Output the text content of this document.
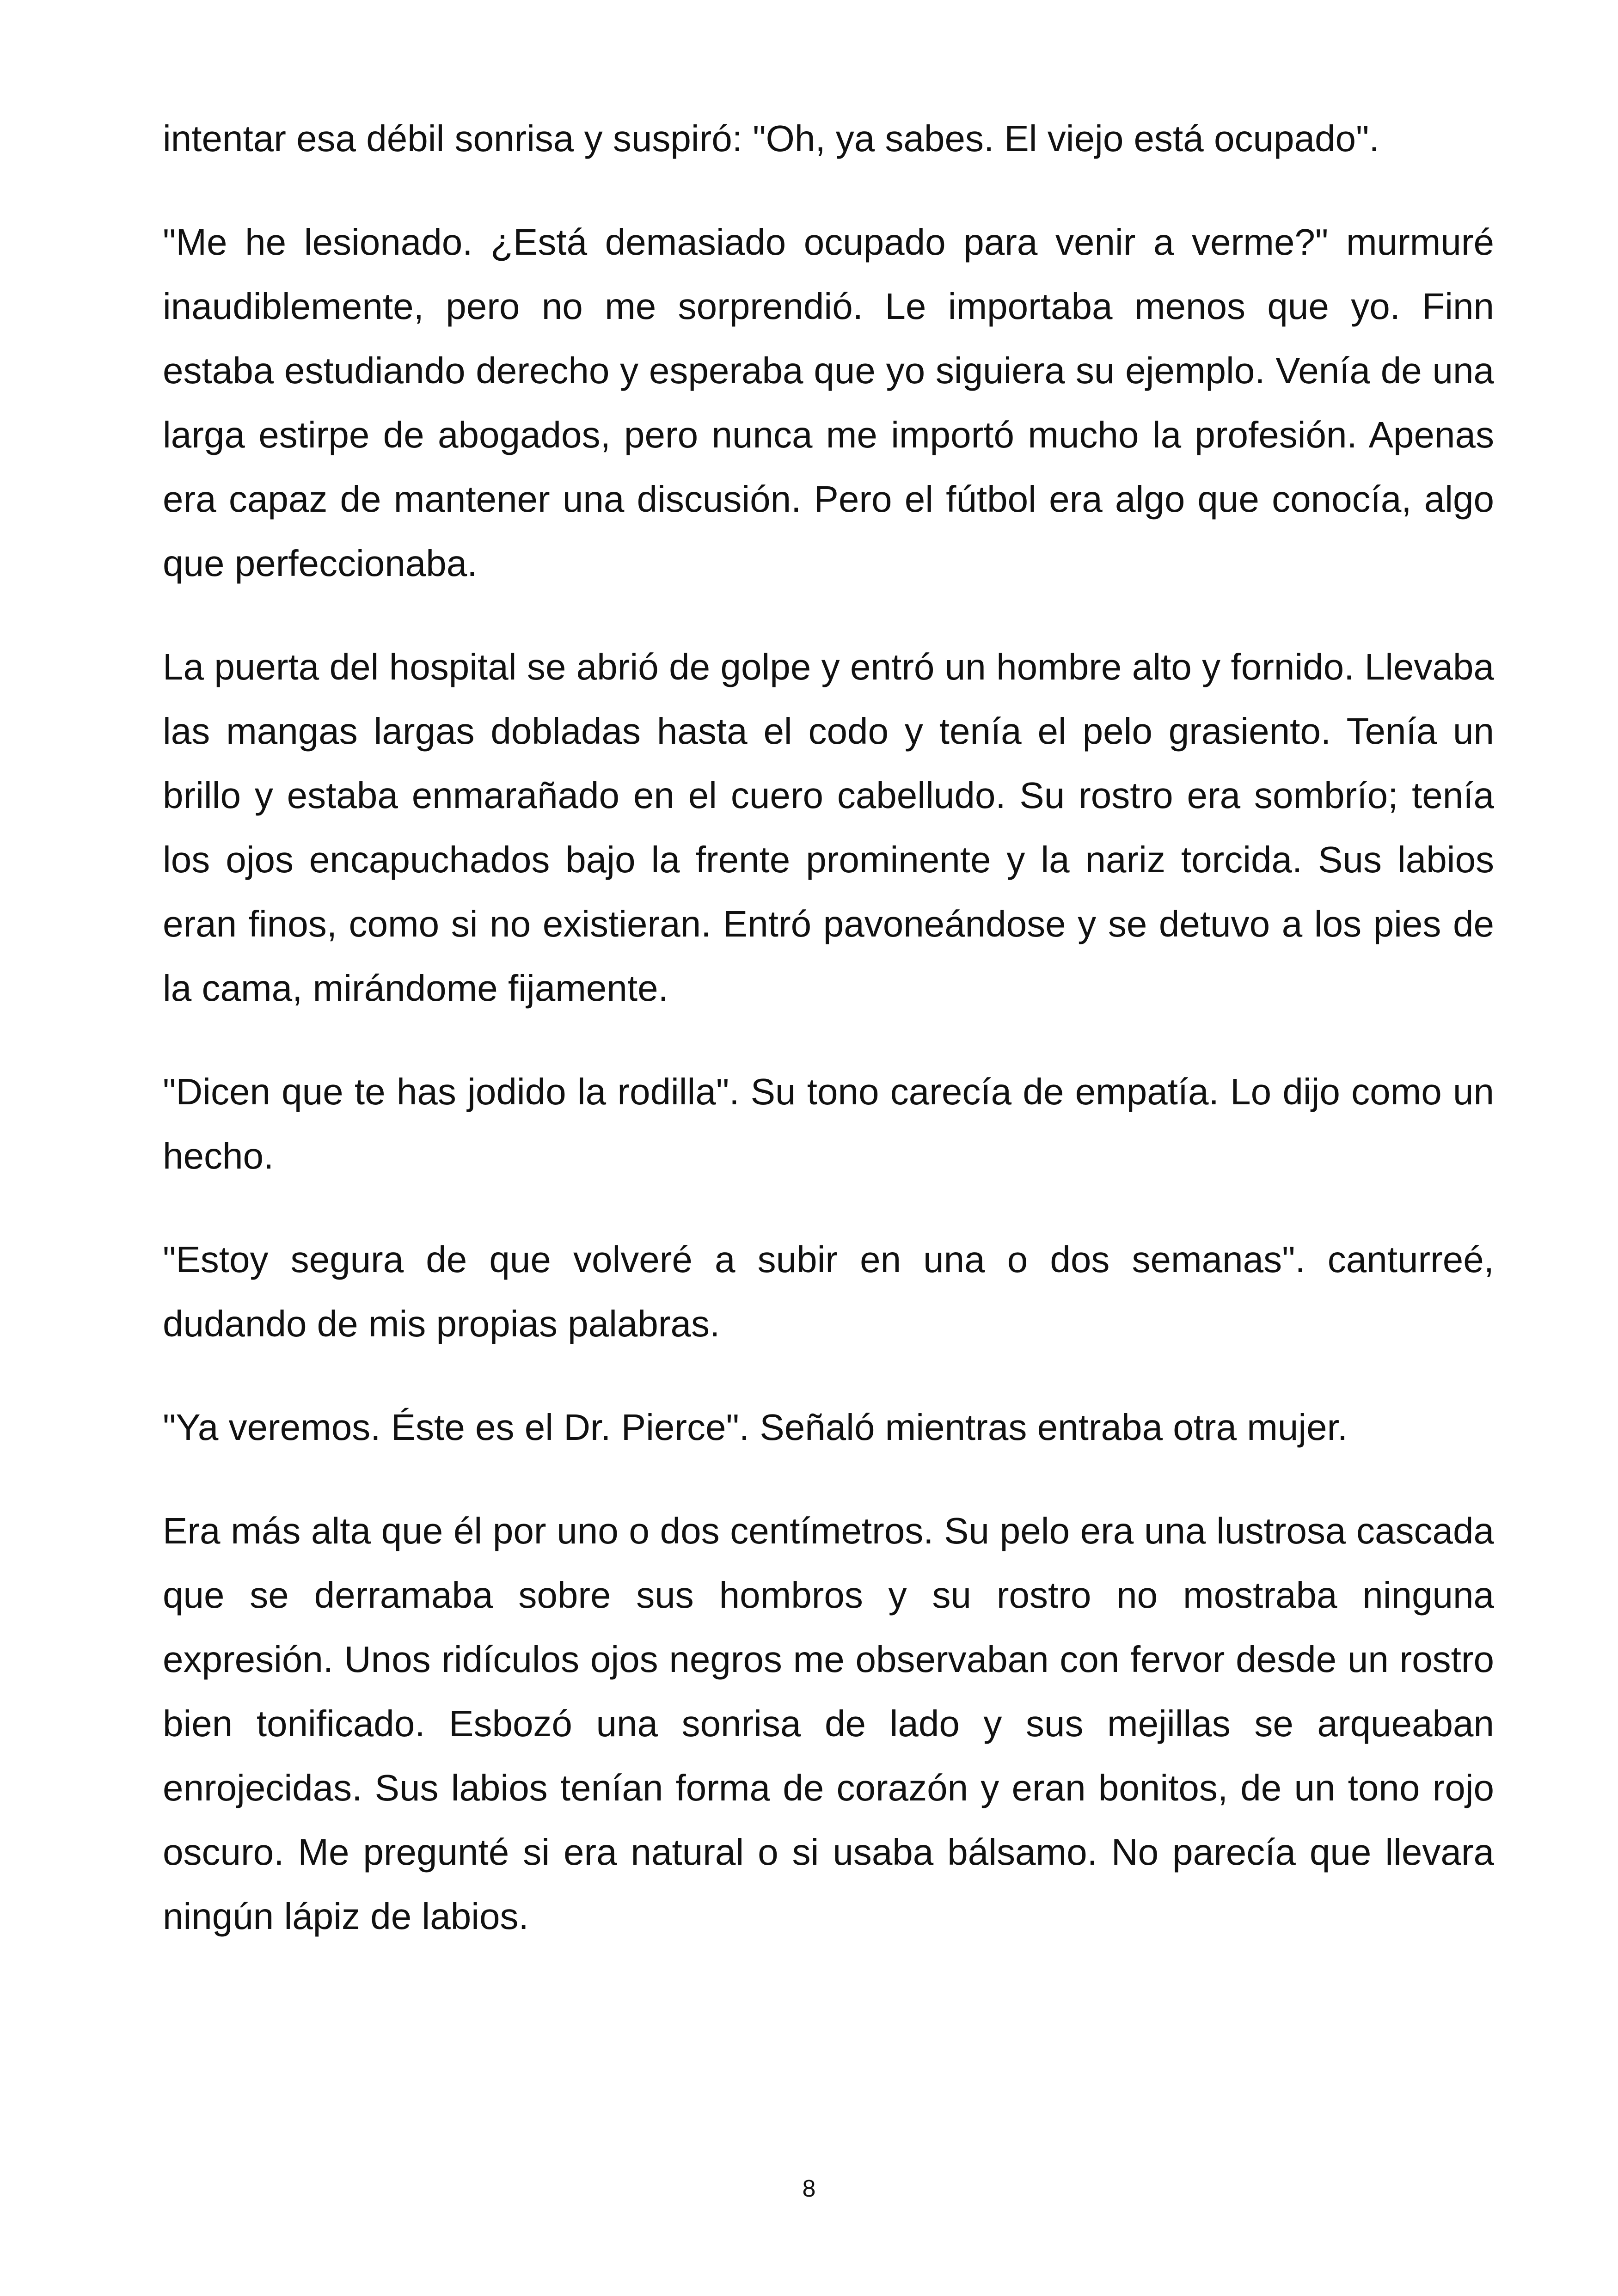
intentar esa débil sonrisa y suspiró: "Oh, ya sabes. El viejo está ocupado".

"Me he lesionado. ¿Está demasiado ocupado para venir a verme?" murmuré inaudiblemente, pero no me sorprendió. Le importaba menos que yo. Finn estaba estudiando derecho y esperaba que yo siguiera su ejemplo. Venía de una larga estirpe de abogados, pero nunca me importó mucho la profesión. Apenas era capaz de mantener una discusión. Pero el fútbol era algo que conocía, algo que perfeccionaba.

La puerta del hospital se abrió de golpe y entró un hombre alto y fornido. Llevaba las mangas largas dobladas hasta el codo y tenía el pelo grasiento. Tenía un brillo y estaba enmarañado en el cuero cabelludo. Su rostro era sombrío; tenía los ojos encapuchados bajo la frente prominente y la nariz torcida. Sus labios eran finos, como si no existieran. Entró pavoneándose y se detuvo a los pies de la cama, mirándome fijamente.

"Dicen que te has jodido la rodilla". Su tono carecía de empatía. Lo dijo como un hecho.

"Estoy segura de que volveré a subir en una o dos semanas". canturreé, dudando de mis propias palabras.

"Ya veremos. Éste es el Dr. Pierce". Señaló mientras entraba otra mujer.

Era más alta que él por uno o dos centímetros. Su pelo era una lustrosa cascada que se derramaba sobre sus hombros y su rostro no mostraba ninguna expresión. Unos ridículos ojos negros me observaban con fervor desde un rostro bien tonificado. Esbozó una sonrisa de lado y sus mejillas se arqueaban enrojecidas. Sus labios tenían forma de corazón y eran bonitos, de un tono rojo oscuro. Me pregunté si era natural o si usaba bálsamo. No parecía que llevara ningún lápiz de labios.

8
